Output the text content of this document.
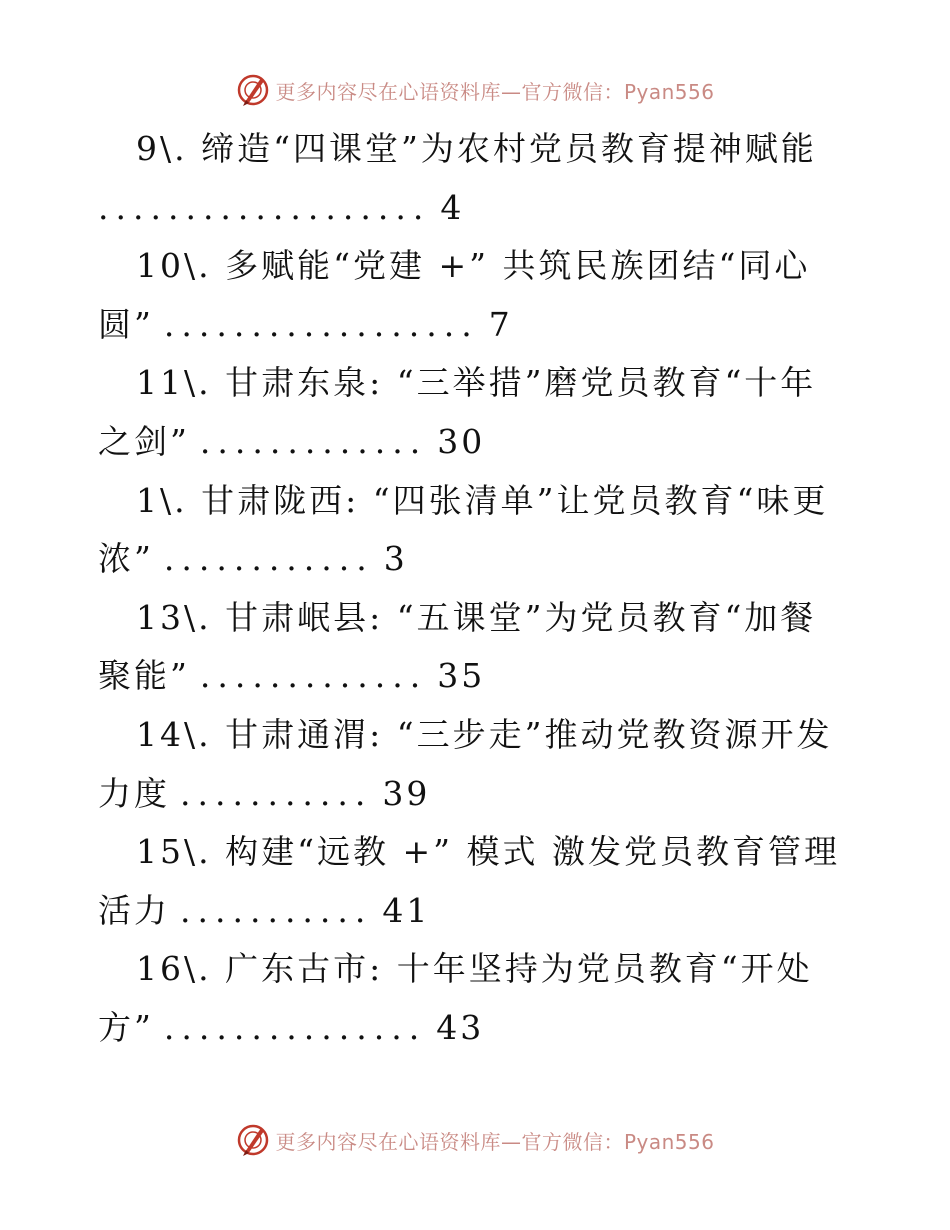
更多内容尽在心语资料库—官方微信：Pyan556
9\. 缔造“四课堂”为农村党员教育提神赋能
................... 4
10\. 多赋能“党建 +” 共筑民族团结“同心
圆” .................. 7
11\. 甘肃东泉: “三举措”磨党员教育“十年
之剑” ............. 30
1\. 甘肃陇西: “四张清单”让党员教育“味更
浓” ............ 3
13\. 甘肃岷县: “五课堂”为党员教育“加餐
聚能” ............. 35
14\. 甘肃通渭: “三步走”推动党教资源开发
力度 ........... 39
15\. 构建“远教 +” 模式 激发党员教育管理
活力 ........... 41
16\. 广东古市: 十年坚持为党员教育“开处
方” ............... 43
更多内容尽在心语资料库—官方微信：Pyan556
